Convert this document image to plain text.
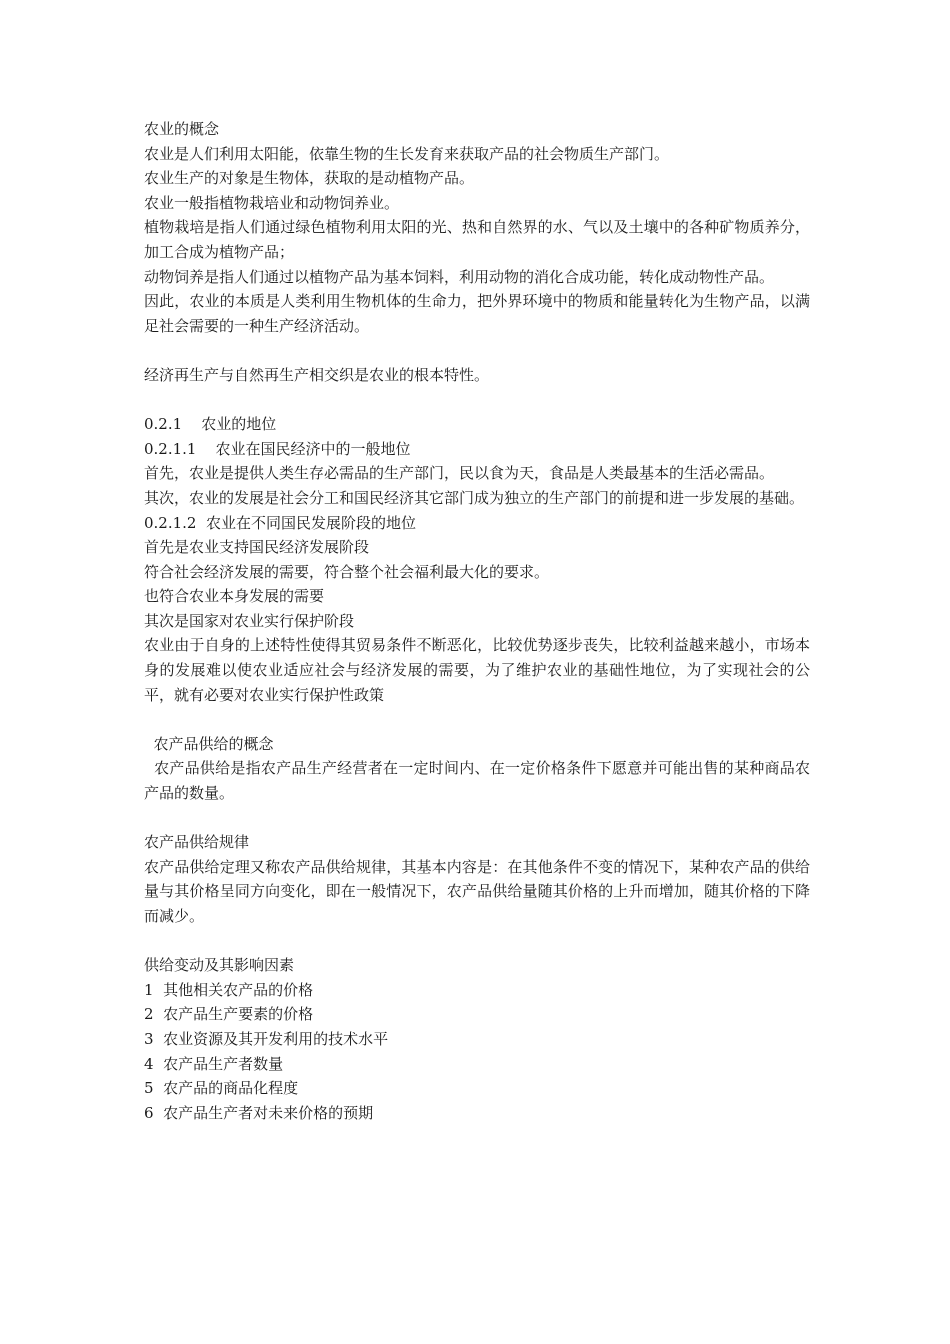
农业的概念

农业是人们利用太阳能，依靠生物的生长发育来获取产品的社会物质生产部门。

农业生产的对象是生物体，获取的是动植物产品。

农业一般指植物栽培业和动物饲养业。

植物栽培是指人们通过绿色植物利用太阳的光、热和自然界的水、气以及土壤中的各种矿物质养分，加工合成为植物产品；

动物饲养是指人们通过以植物产品为基本饲料，利用动物的消化合成功能，转化成动物性产品。

因此，农业的本质是人类利用生物机体的生命力，把外界环境中的物质和能量转化为生物产品，以满足社会需要的一种生产经济活动。

经济再生产与自然再生产相交织是农业的根本特性。

0.2.1    农业的地位

0.2.1.1    农业在国民经济中的一般地位

首先，农业是提供人类生存必需品的生产部门，民以食为天，食品是人类最基本的生活必需品。

其次，农业的发展是社会分工和国民经济其它部门成为独立的生产部门的前提和进一步发展的基础。

0.2.1.2  农业在不同国民发展阶段的地位

首先是农业支持国民经济发展阶段

符合社会经济发展的需要，符合整个社会福利最大化的要求。

也符合农业本身发展的需要

其次是国家对农业实行保护阶段

农业由于自身的上述特性使得其贸易条件不断恶化，比较优势逐步丧失，比较利益越来越小，市场本身的发展难以使农业适应社会与经济发展的需要，为了维护农业的基础性地位，为了实现社会的公平，就有必要对农业实行保护性政策

农产品供给的概念

农产品供给是指农产品生产经营者在一定时间内、在一定价格条件下愿意并可能出售的某种商品农产品的数量。

农产品供给规律

农产品供给定理又称农产品供给规律，其基本内容是：在其他条件不变的情况下，某种农产品的供给量与其价格呈同方向变化，即在一般情况下，农产品供给量随其价格的上升而增加，随其价格的下降而减少。

供给变动及其影响因素

1  其他相关农产品的价格

2  农产品生产要素的价格

3  农业资源及其开发利用的技术水平

4  农产品生产者数量

5  农产品的商品化程度

6  农产品生产者对未来价格的预期
